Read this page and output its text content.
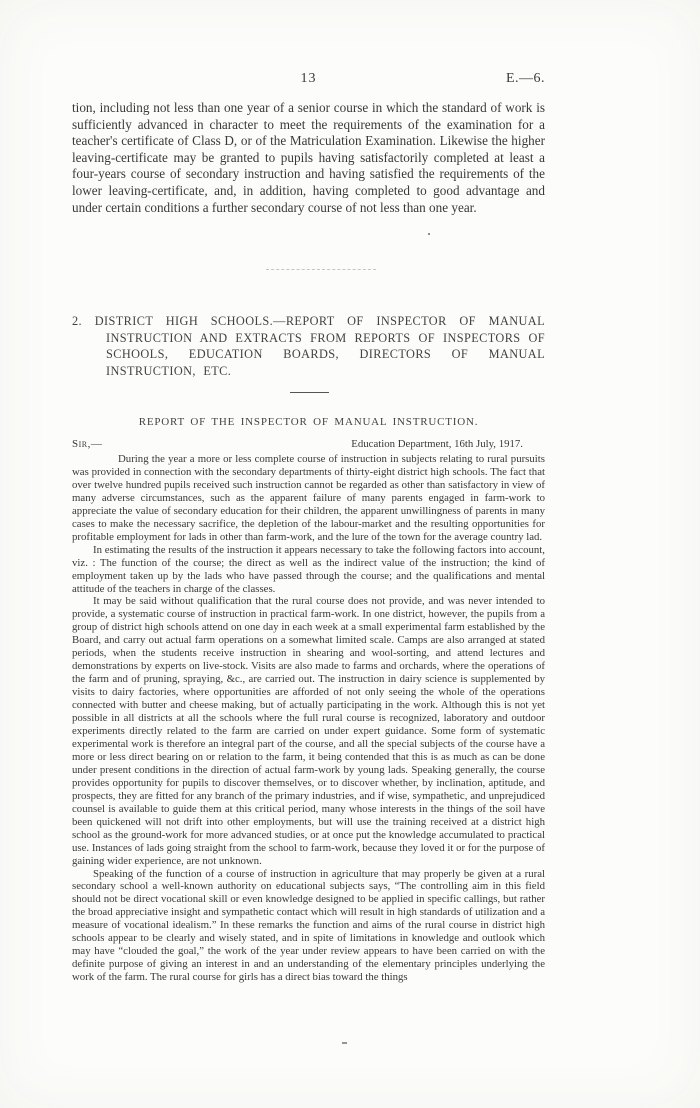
13	E.—6.

tion, including not less than one year of a senior course in which the standard of work is sufficiently advanced in character to meet the requirements of the examination for a teacher's certificate of Class D, or of the Matriculation Examination. Likewise the higher leaving-certificate may be granted to pupils having satisfactorily completed at least a four-years course of secondary instruction and having satisfied the requirements of the lower leaving-certificate, and, in addition, having completed to good advantage and under certain conditions a further secondary course of not less than one year.

2. DISTRICT HIGH SCHOOLS.—REPORT OF INSPECTOR OF MANUAL INSTRUCTION AND EXTRACTS FROM REPORTS OF INSPECTORS OF SCHOOLS, EDUCATION BOARDS, DIRECTORS OF MANUAL INSTRUCTION, ETC.
REPORT OF THE INSPECTOR OF MANUAL INSTRUCTION.
Sir,—	Education Department, 16th July, 1917.

During the year a more or less complete course of instruction in subjects relating to rural pursuits was provided in connection with the secondary departments of thirty-eight district high schools. The fact that over twelve hundred pupils received such instruction cannot be regarded as other than satisfactory in view of many adverse circumstances, such as the apparent failure of many parents engaged in farm-work to appreciate the value of secondary education for their children, the apparent unwillingness of parents in many cases to make the necessary sacrifice, the depletion of the labour-market and the resulting opportunities for profitable employment for lads in other than farm-work, and the lure of the town for the average country lad.

In estimating the results of the instruction it appears necessary to take the following factors into account, viz. : The function of the course; the direct as well as the indirect value of the instruction; the kind of employment taken up by the lads who have passed through the course; and the qualifications and mental attitude of the teachers in charge of the classes.

It may be said without qualification that the rural course does not provide, and was never intended to provide, a systematic course of instruction in practical farm-work. In one district, however, the pupils from a group of district high schools attend on one day in each week at a small experimental farm established by the Board, and carry out actual farm operations on a somewhat limited scale. Camps are also arranged at stated periods, when the students receive instruction in shearing and wool-sorting, and attend lectures and demonstrations by experts on live-stock. Visits are also made to farms and orchards, where the operations of the farm and of pruning, spraying, &c., are carried out. The instruction in dairy science is supplemented by visits to dairy factories, where opportunities are afforded of not only seeing the whole of the operations connected with butter and cheese making, but of actually participating in the work. Although this is not yet possible in all districts at all the schools where the full rural course is recognized, laboratory and outdoor experiments directly related to the farm are carried on under expert guidance. Some form of systematic experimental work is therefore an integral part of the course, and all the special subjects of the course have a more or less direct bearing on or relation to the farm, it being contended that this is as much as can be done under present conditions in the direction of actual farm-work by young lads. Speaking generally, the course provides opportunity for pupils to discover themselves, or to discover whether, by inclination, aptitude, and prospects, they are fitted for any branch of the primary industries, and if wise, sympathetic, and unprejudiced counsel is available to guide them at this critical period, many whose interests in the things of the soil have been quickened will not drift into other employments, but will use the training received at a district high school as the ground-work for more advanced studies, or at once put the knowledge accumulated to practical use. Instances of lads going straight from the school to farm-work, because they loved it or for the purpose of gaining wider experience, are not unknown.

Speaking of the function of a course of instruction in agriculture that may properly be given at a rural secondary school a well-known authority on educational subjects says, “The controlling aim in this field should not be direct vocational skill or even knowledge designed to be applied in specific callings, but rather the broad appreciative insight and sympathetic contact which will result in high standards of utilization and a measure of vocational idealism.” In these remarks the function and aims of the rural course in district high schools appear to be clearly and wisely stated, and in spite of limitations in knowledge and outlook which may have “clouded the goal,” the work of the year under review appears to have been carried on with the definite purpose of giving an interest in and an understanding of the elementary principles underlying the work of the farm. The rural course for girls has a direct bias toward the things
